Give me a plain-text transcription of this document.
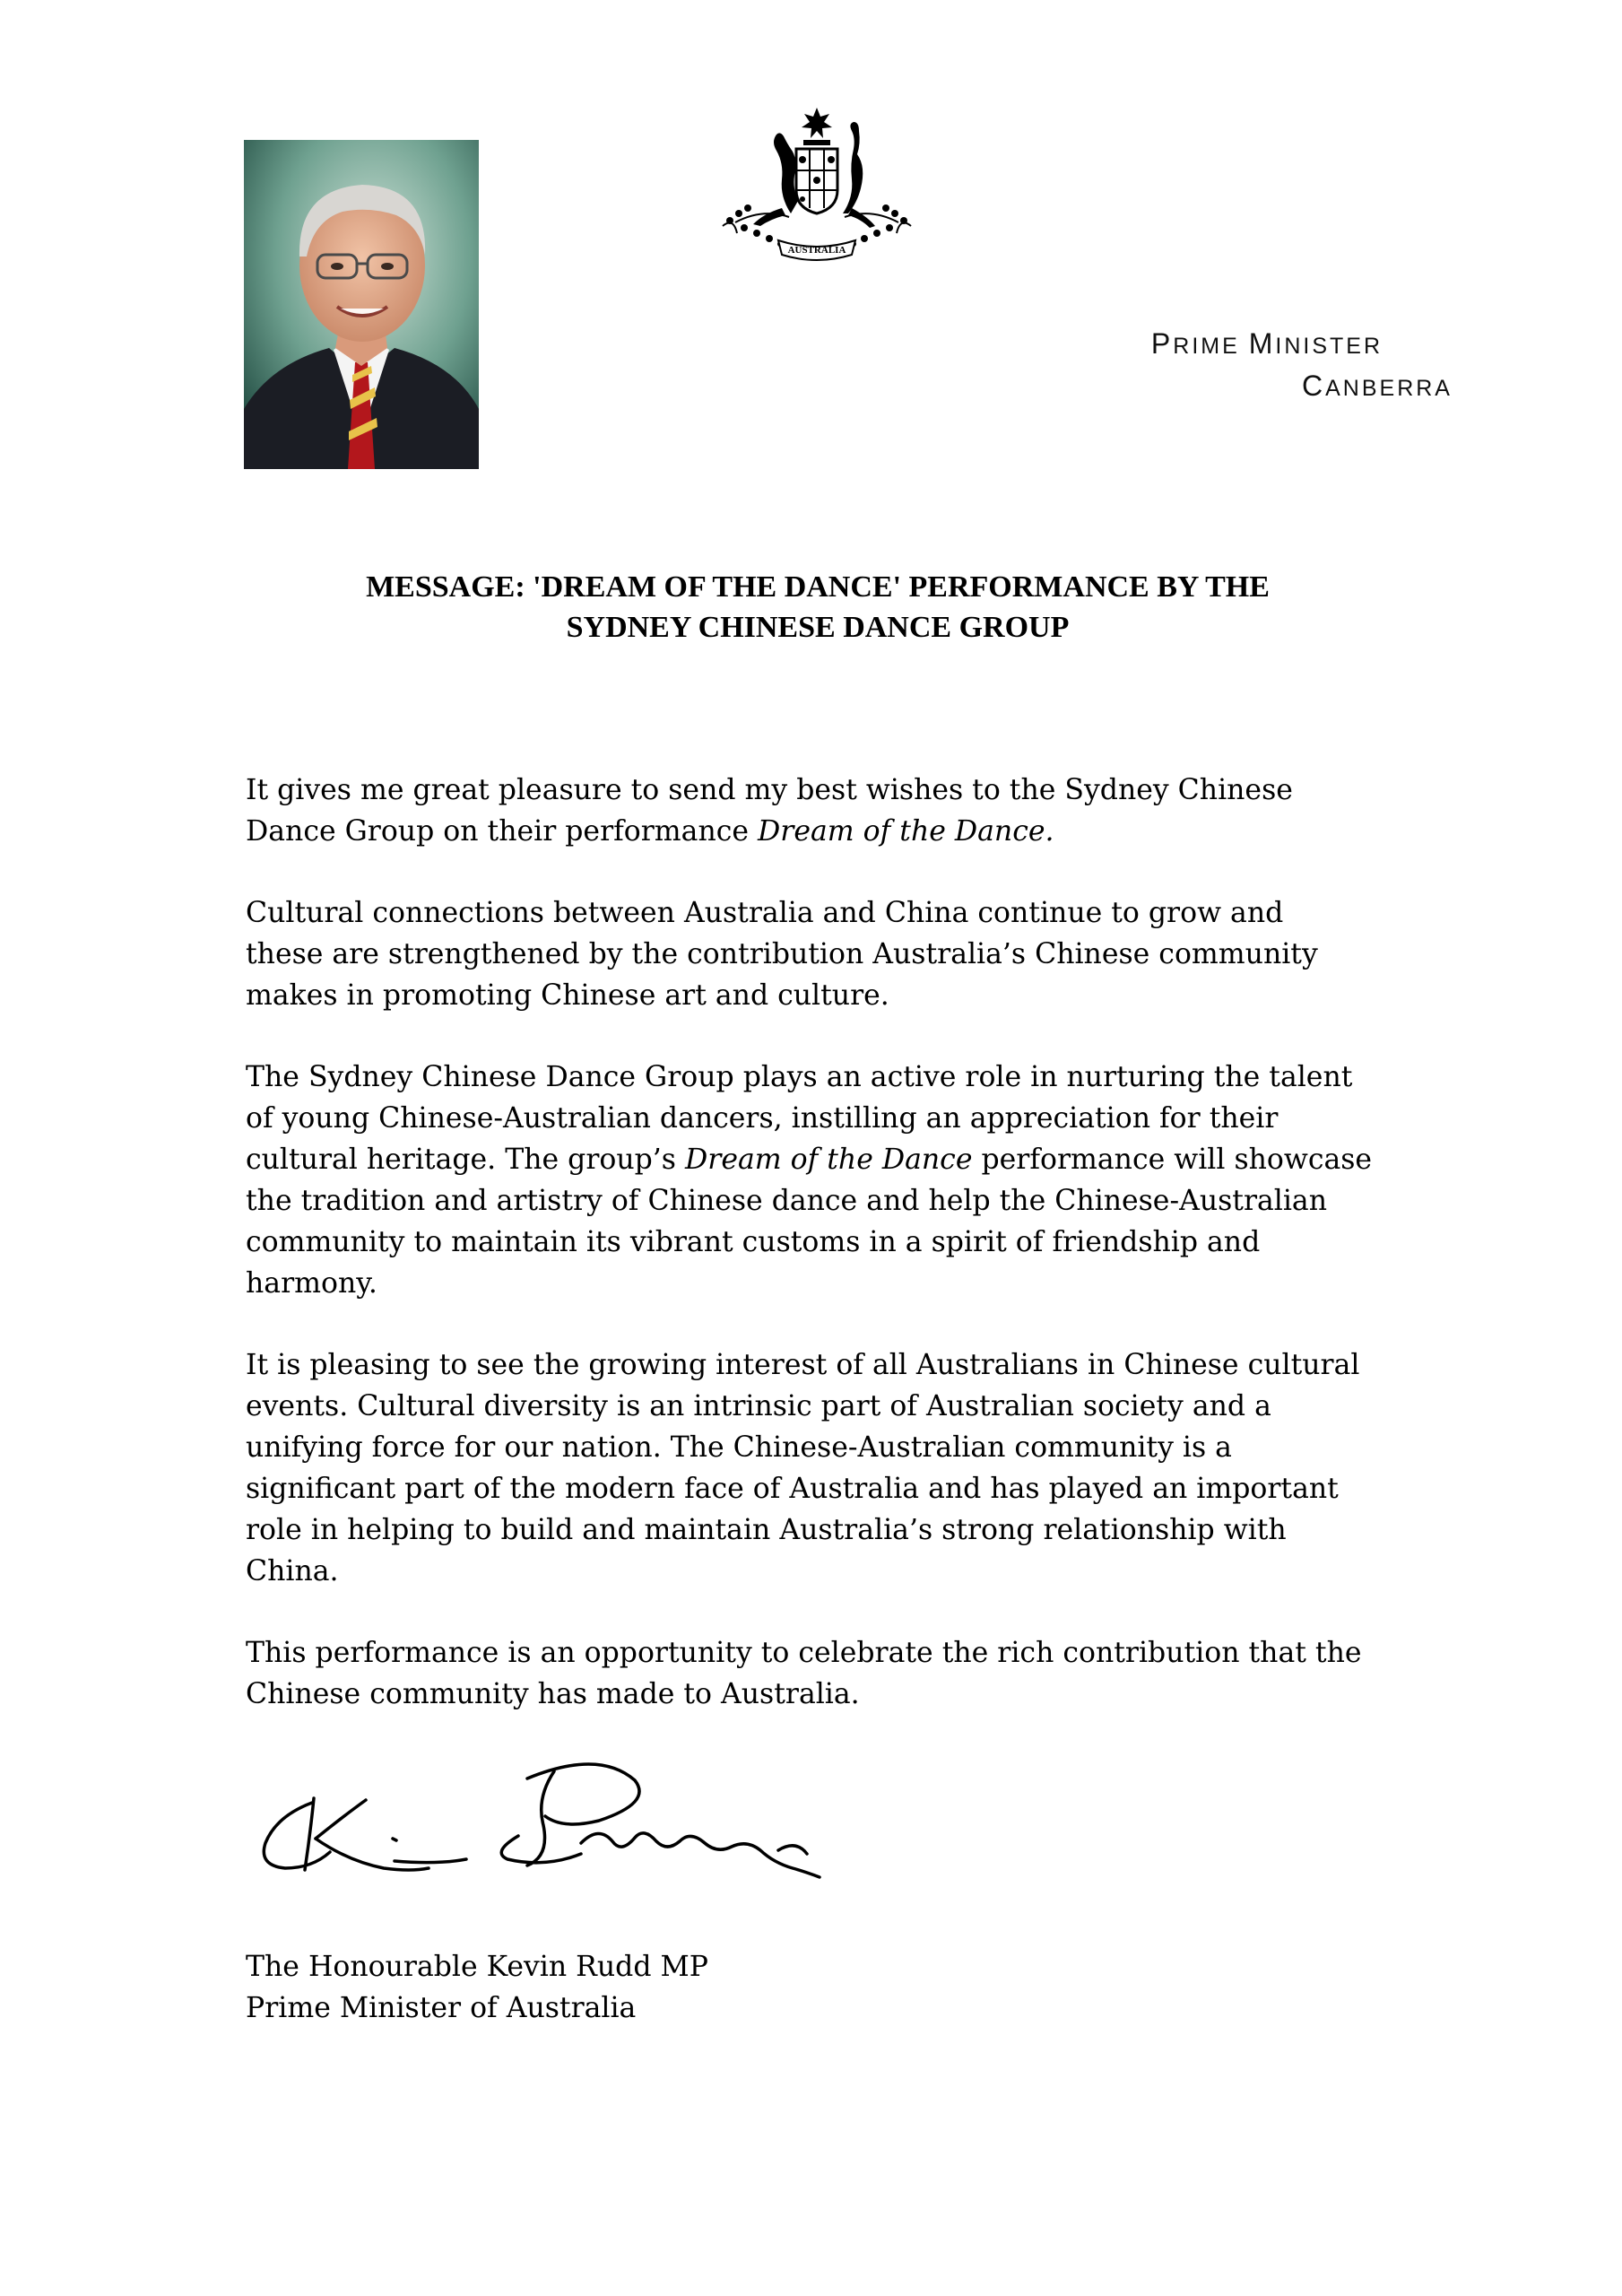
AUSTRALIA
PRIME MINISTER
CANBERRA
MESSAGE: 'DREAM OF THE DANCE' PERFORMANCE BY THE
SYDNEY CHINESE DANCE GROUP

It gives me great pleasure to send my best wishes to the Sydney Chinese
Dance Group on their performance Dream of the Dance.

Cultural connections between Australia and China continue to grow and
these are strengthened by the contribution Australia’s Chinese community
makes in promoting Chinese art and culture.

The Sydney Chinese Dance Group plays an active role in nurturing the talent
of young Chinese-Australian dancers, instilling an appreciation for their
cultural heritage. The group’s Dream of the Dance performance will showcase
the tradition and artistry of Chinese dance and help the Chinese-Australian
community to maintain its vibrant customs in a spirit of friendship and
harmony.

It is pleasing to see the growing interest of all Australians in Chinese cultural
events. Cultural diversity is an intrinsic part of Australian society and a
unifying force for our nation. The Chinese-Australian community is a
significant part of the modern face of Australia and has played an important
role in helping to build and maintain Australia’s strong relationship with
China.

This performance is an opportunity to celebrate the rich contribution that the
Chinese community has made to Australia.

The Honourable Kevin Rudd MP
Prime Minister of Australia
